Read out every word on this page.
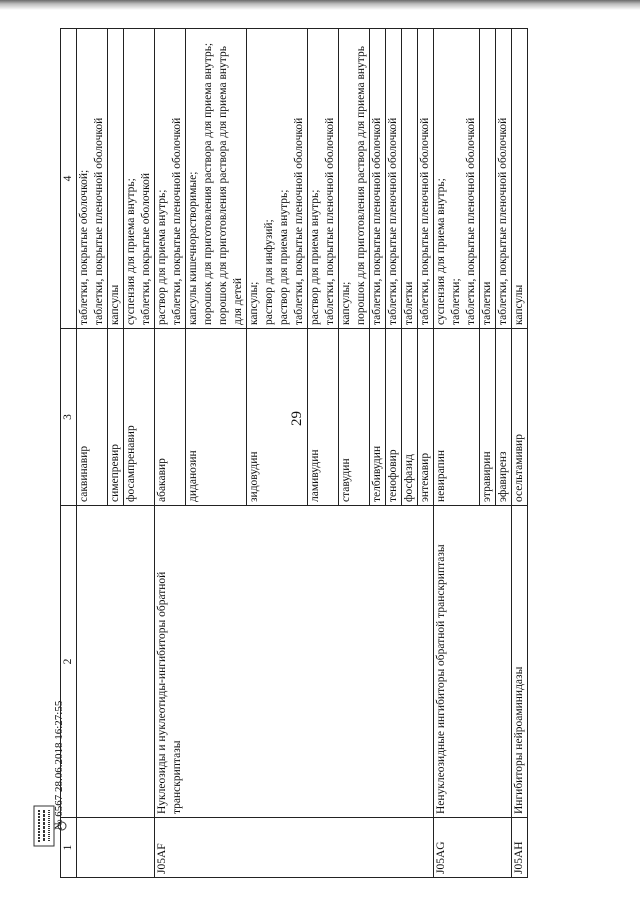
29
№ 6567 28.06.2018 16:27:55
1	2	3	4
		саквинавир	таблетки, покрытые оболочкой; таблетки, покрытые пленочной оболочкой

		симепревир	капсулы

		фосампренавир	суспензия для приема внутрь; таблетки, покрытые оболочкой

J05AF	Нуклеозиды и нуклеотиды-ингибиторы обратной транскриптазы	абакавир	раствор для приема внутрь; таблетки, покрытые пленочной оболочкой

		диданозин	капсулы кишечнорастворимые; порошок для приготовления раствора для приема внутрь; порошок для приготовления раствора для приема внутрь для детей

		зидовудин	капсулы; раствор для инфузий; раствор для приема внутрь; таблетки, покрытые пленочной оболочкой

		ламивудин	раствор для приема внутрь; таблетки, покрытые пленочной оболочкой

		ставудин	капсулы; порошок для приготовления раствора для приема внутрь

		телбивудин	таблетки, покрытые пленочной оболочкой

		тенофовир	таблетки, покрытые пленочной оболочкой

		фосфазид	таблетки

		энтекавир	таблетки, покрытые пленочной оболочкой

J05AG	Ненуклеозидные ингибиторы обратной транскриптазы	невирапин	суспензия для приема внутрь; таблетки; таблетки, покрытые пленочной оболочкой

		этравирин	таблетки

		эфавиренз	таблетки, покрытые пленочной оболочкой

J05AH	Ингибиторы нейроаминидазы	осельтамивир	капсулы
